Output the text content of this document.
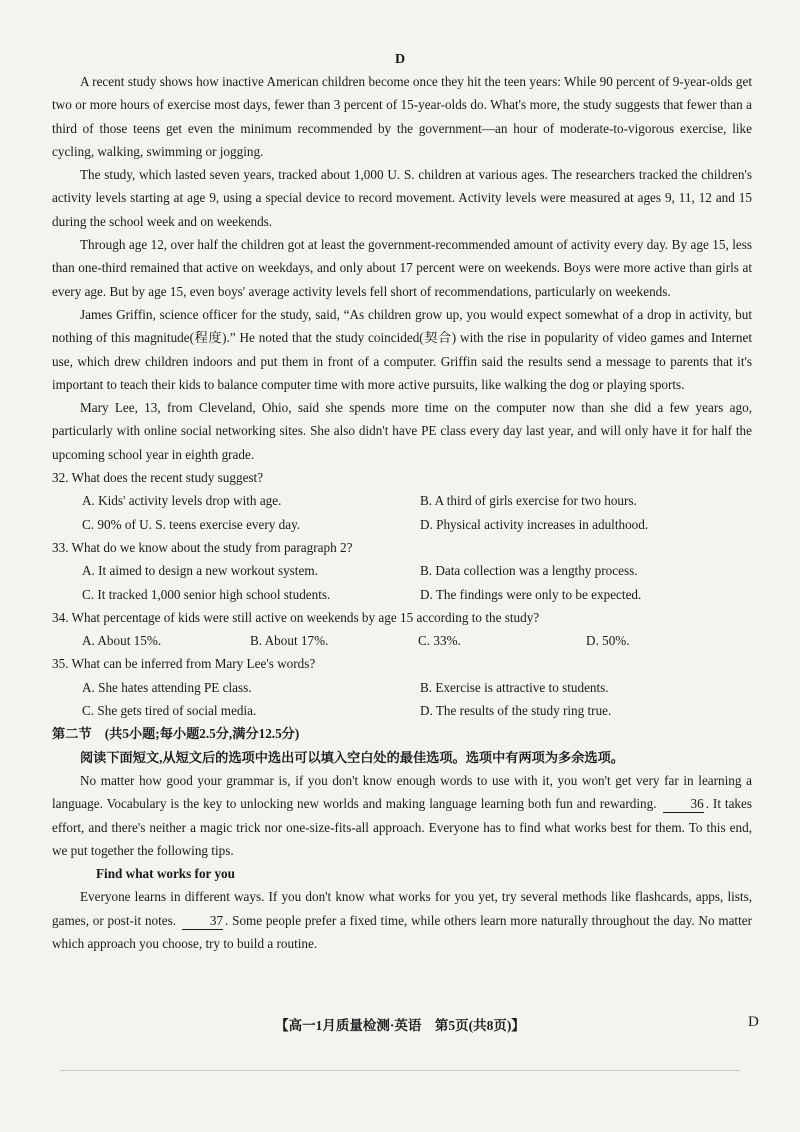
D

A recent study shows how inactive American children become once they hit the teen years: While 90 percent of 9-year-olds get two or more hours of exercise most days, fewer than 3 percent of 15-year-olds do. What's more, the study suggests that fewer than a third of those teens get even the minimum recommended by the government—an hour of moderate-to-vigorous exercise, like cycling, walking, swimming or jogging.

The study, which lasted seven years, tracked about 1,000 U. S. children at various ages. The researchers tracked the children's activity levels starting at age 9, using a special device to record movement. Activity levels were measured at ages 9, 11, 12 and 15 during the school week and on weekends.

Through age 12, over half the children got at least the government-recommended amount of activity every day. By age 15, less than one-third remained that active on weekdays, and only about 17 percent were on weekends. Boys were more active than girls at every age. But by age 15, even boys' average activity levels fell short of recommendations, particularly on weekends.

James Griffin, science officer for the study, said, “As children grow up, you would expect somewhat of a drop in activity, but nothing of this magnitude(程度).” He noted that the study coincided(契合) with the rise in popularity of video games and Internet use, which drew children indoors and put them in front of a computer. Griffin said the results send a message to parents that it's important to teach their kids to balance computer time with more active pursuits, like walking the dog or playing sports.

Mary Lee, 13, from Cleveland, Ohio, said she spends more time on the computer now than she did a few years ago, particularly with online social networking sites. She also didn't have PE class every day last year, and will only have it for half the upcoming school year in eighth grade.

32. What does the recent study suggest?
A. Kids' activity levels drop with age.	B. A third of girls exercise for two hours.
C. 90% of U. S. teens exercise every day.	D. Physical activity increases in adulthood.
33. What do we know about the study from paragraph 2?
A. It aimed to design a new workout system.	B. Data collection was a lengthy process.
C. It tracked 1,000 senior high school students.	D. The findings were only to be expected.
34. What percentage of kids were still active on weekends by age 15 according to the study?
A. About 15%.	B. About 17%.	C. 33%.	D. 50%.
35. What can be inferred from Mary Lee's words?
A. She hates attending PE class.	B. Exercise is attractive to students.
C. She gets tired of social media.	D. The results of the study ring true.
第二节　(共5小题;每小题2.5分,满分12.5分)
阅读下面短文,从短文后的选项中选出可以填入空白处的最佳选项。选项中有两项为多余选项。

No matter how good your grammar is, if you don't know enough words to use with it, you won't get very far in learning a language. Vocabulary is the key to unlocking new worlds and making language learning both fun and rewarding.	36 . It takes effort, and there's neither a magic trick nor one-size-fits-all approach. Everyone has to find what works best for them. To this end, we put together the following tips.

Find what works for you

Everyone learns in different ways. If you don't know what works for you yet, try several methods like flashcards, apps, lists, games, or post-it notes.	37 . Some people prefer a fixed time, while others learn more naturally throughout the day. No matter which approach you choose, try to build a routine.

【高一1月质量检测·英语　第5页(共8页)】	D
